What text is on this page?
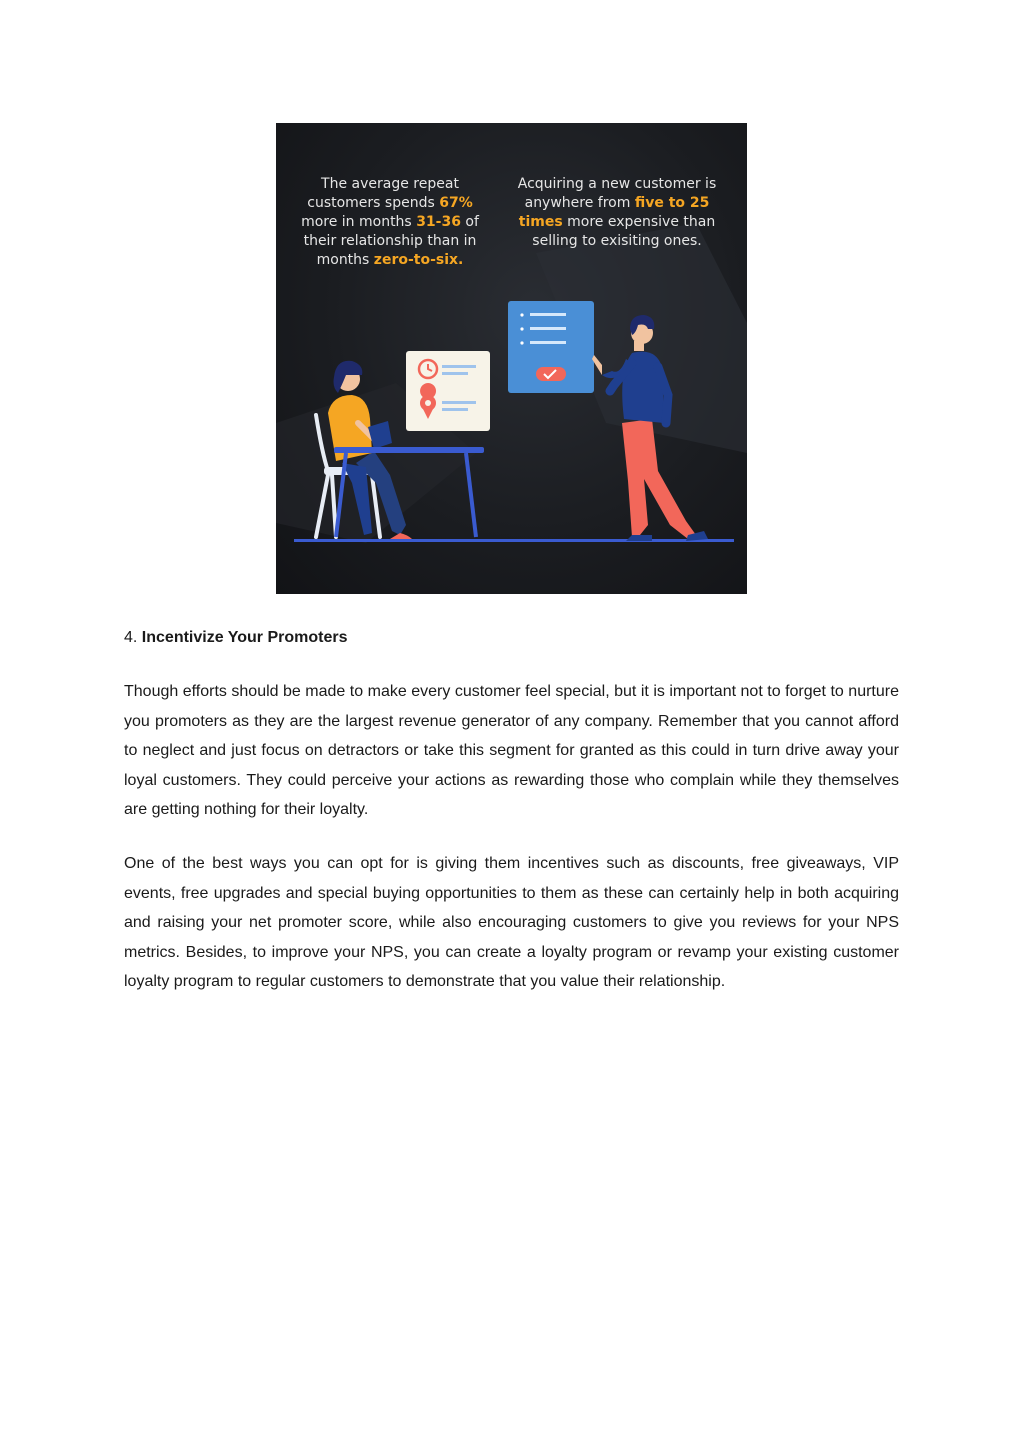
The average repeat customers spends 67% more in months 31-36 of their relationship than in months zero-to-six.
Acquiring a new customer is anywhere from five to 25 times more expensive than selling to exisiting ones.
4. Incentivize Your Promoters

Though efforts should be made to make every customer feel special, but it is important not to forget to nurture you promoters as they are the largest revenue generator of any company. Remember that you cannot afford to neglect and just focus on detractors or take this segment for granted as this could in turn drive away your loyal customers. They could perceive your actions as rewarding those who complain while they themselves are getting nothing for their loyalty.

One of the best ways you can opt for is giving them incentives such as discounts, free giveaways, VIP events, free upgrades and special buying opportunities to them as these can certainly help in both acquiring and raising your net promoter score, while also encouraging customers to give you reviews for your NPS metrics. Besides, to improve your NPS, you can create a loyalty program or revamp your existing customer loyalty program to regular customers to demonstrate that you value their relationship.
